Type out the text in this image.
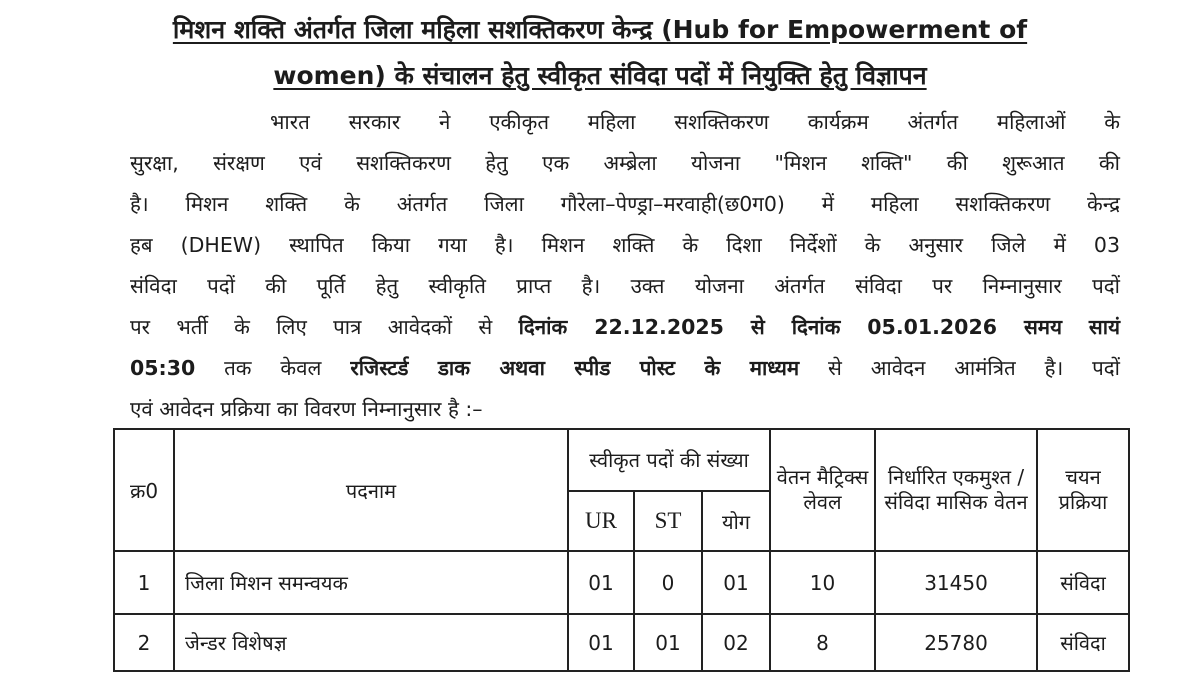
मिशन शक्ति अंतर्गत जिला महिला सशक्तिकरण केन्द्र (Hub for Empowerment of
women) के संचालन हेतु स्वीकृत संविदा पदों में नियुक्ति हेतु विज्ञापन
भारत सरकार ने एकीकृत महिला सशक्तिकरण कार्यक्रम अंतर्गत महिलाओं के
सुरक्षा, संरक्षण एवं सशक्तिकरण हेतु एक अम्ब्रेला योजना "मिशन शक्ति" की शुरूआत की
है। मिशन शक्ति के अंतर्गत जिला गौरेला–पेण्ड्रा–मरवाही(छ0ग0) में महिला सशक्तिकरण केन्द्र
हब (DHEW) स्थापित किया गया है। मिशन शक्ति के दिशा निर्देशों के अनुसार जिले में 03
संविदा पदों की पूर्ति हेतु स्वीकृति प्राप्त है। उक्त योजना अंतर्गत संविदा पर निम्नानुसार पदों
पर भर्ती के लिए पात्र आवेदकों से दिनांक 22.12.2025 से दिनांक 05.01.2026 समय सायं
05:30 तक केवल रजिस्टर्ड डाक अथवा स्पीड पोस्ट के माध्यम से आवेदन आमंत्रित है। पदों
एवं आवेदन प्रक्रिया का विवरण निम्नानुसार है :–
क्र0	पदनाम	स्वीकृत पदों की संख्या			वेतन मैट्रिक्स लेवल	निर्धारित एकमुश्त / संविदा मासिक वेतन	चयन प्रक्रिया
		UR	ST	योग			
1	जिला मिशन समन्वयक	01	0	01	10	31450	संविदा
2	जेन्डर विशेषज्ञ	01	01	02	8	25780	संविदा
